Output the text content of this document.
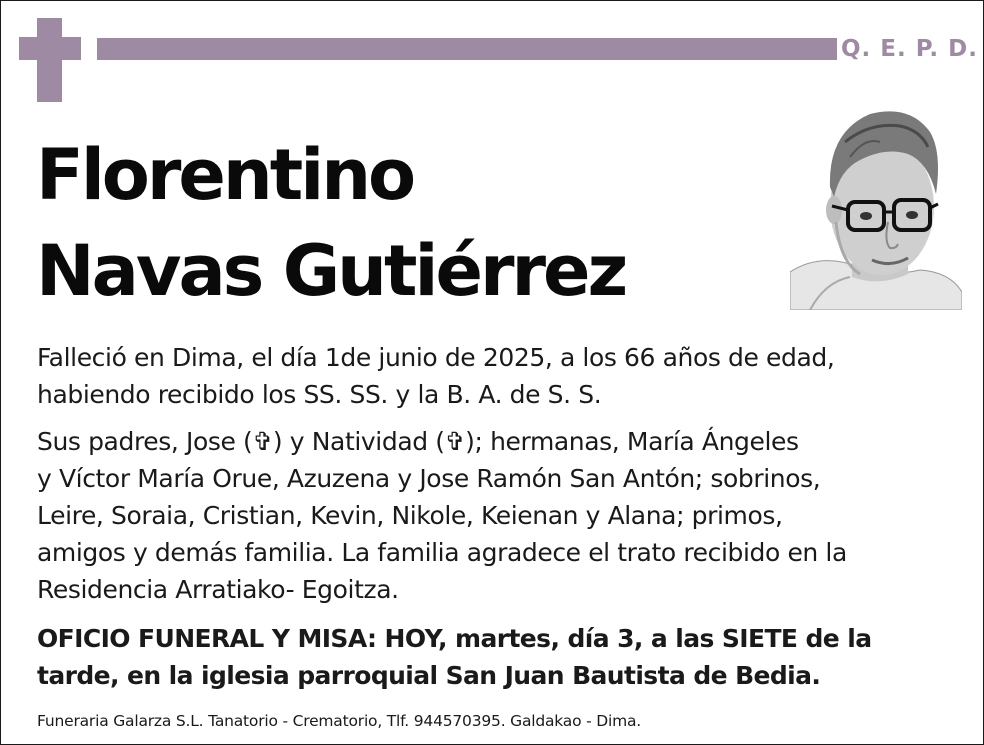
Q. E. P. D.
Florentino
Navas Gutiérrez
Falleció en Dima, el día 1de junio de 2025, a los 66 años de edad,
habiendo recibido los SS. SS. y la B. A. de S. S.
Sus padres, Jose (✞) y Natividad (✞); hermanas, María Ángeles
y Víctor María Orue, Azuzena y Jose Ramón San Antón; sobrinos,
Leire, Soraia, Cristian, Kevin, Nikole, Keienan y Alana; primos,
amigos y demás familia. La familia agradece el trato recibido en la
Residencia Arratiako- Egoitza.
OFICIO FUNERAL Y MISA: HOY, martes, día 3, a las SIETE de la
tarde, en la iglesia parroquial San Juan Bautista de Bedia.
Funeraria Galarza S.L. Tanatorio - Crematorio, Tlf. 944570395. Galdakao - Dima.
